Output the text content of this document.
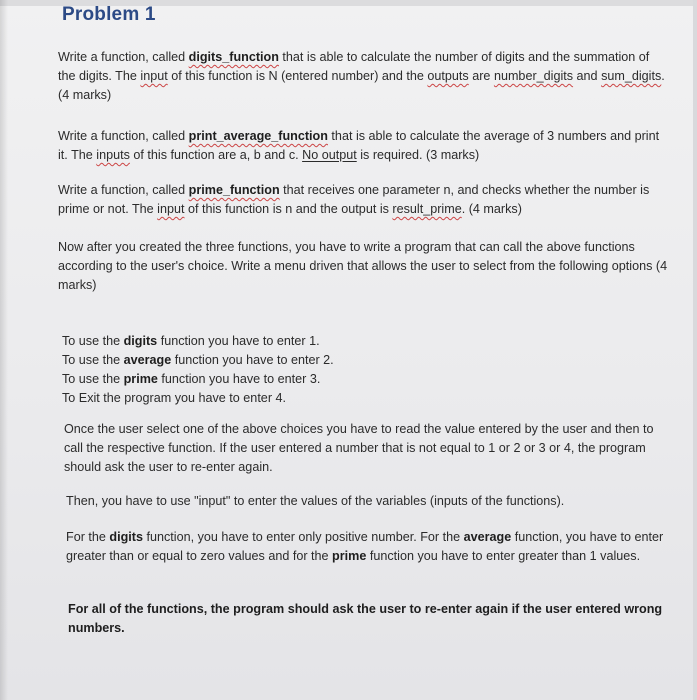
Problem 1

Write a function, called digits_function that is able to calculate the number of digits and the summation of the digits. The input of this function is N (entered number) and the outputs are number_digits and sum_digits. (4 marks)

Write a function, called print_average_function that is able to calculate the average of 3 numbers and print it. The inputs of this function are a, b and c. No output is required. (3 marks)

Write a function, called prime_function that receives one parameter n, and checks whether the number is prime or not. The input of this function is n and the output is result_prime. (4 marks)

Now after you created the three functions, you have to write a program that can call the above functions according to the user's choice. Write a menu driven that allows the user to select from the following options (4 marks)

To use the digits function you have to enter 1.
To use the average function you have to enter 2.
To use the prime function you have to enter 3.
To Exit the program you have to enter 4.

Once the user select one of the above choices you have to read the value entered by the user and then to call the respective function. If the user entered a number that is not equal to 1 or 2 or 3 or 4, the program should ask the user to re-enter again.

Then, you have to use "input" to enter the values of the variables (inputs of the functions).

For the digits function, you have to enter only positive number. For the average function, you have to enter greater than or equal to zero values and for the prime function you have to enter greater than 1 values.

For all of the functions, the program should ask the user to re-enter again if the user entered wrong numbers.
